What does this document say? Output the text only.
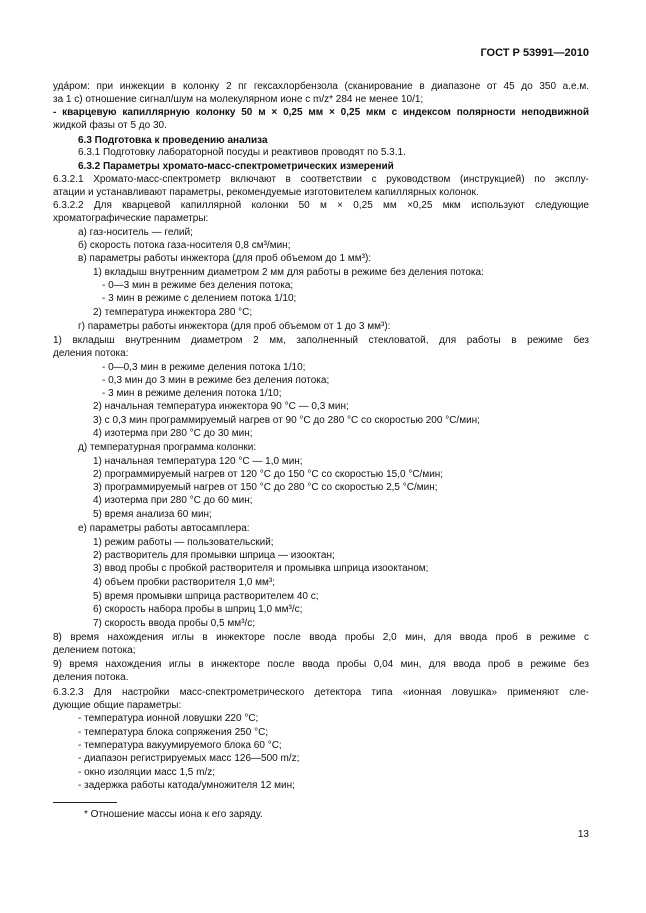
ГОСТ Р 53991—2010
удáром: при инжекции в колонку 2 пг гексахлорбензола (сканирование в диапазоне от 45 до 350 а.е.м.
за 1 с) отношение сигнал/шум на молекулярном ионе с m/z* 284 не менее 10/1;
- кварцевую капиллярную колонку 50 м × 0,25 мм × 0,25 мкм с индексом полярности неподвижной
жидкой фазы от 5 до 30.
6.3 Подготовка к проведению анализа
6.3.1 Подготовку лабораторной посуды и реактивов проводят по 5.3.1.
6.3.2 Параметры хромато-масс-спектрометрических измерений
6.3.2.1 Хромато-масс-спектрометр включают в соответствии с руководством (инструкцией) по эксплу-
атации и устанавливают параметры, рекомендуемые изготовителем капиллярных колонок.
6.3.2.2 Для кварцевой капиллярной колонки 50 м × 0,25 мм ×0,25 мкм используют следующие
хроматографические параметры:
а) газ-носитель — гелий;
б) скорость потока газа-носителя 0,8 см³/мин;
в) параметры работы инжектора (для проб объемом до 1 мм³):
1) вкладыш внутренним диаметром 2 мм для работы в режиме без деления потока:
- 0—3 мин в режиме без деления потока;
- 3 мин в режиме с делением потока 1/10;
2) температура инжектора 280 °С;
г) параметры работы инжектора (для проб объемом от 1 до 3 мм³):
1) вкладыш внутренним диаметром 2 мм, заполненный стекловатой, для работы в режиме без
деления потока:
- 0—0,3 мин в режиме деления потока 1/10;
- 0,3 мин до 3 мин в режиме без деления потока;
- 3 мин в режиме деления потока 1/10;
2) начальная температура инжектора 90 °С — 0,3 мин;
3) с 0,3 мин программируемый нагрев от 90 °С до 280 °С со скоростью 200 °С/мин;
4) изотерма при 280 °С до 30 мин;
д) температурная программа колонки:
1) начальная температура 120 °С — 1,0 мин;
2) программируемый нагрев от 120 °С до 150 °С со скоростью 15,0 °С/мин;
3) программируемый нагрев от 150 °С до 280 °С со скоростью 2,5 °С/мин;
4) изотерма при 280 °С до 60 мин;
5) время анализа 60 мин;
е) параметры работы автосамплера:
1) режим работы — пользовательский;
2) растворитель для промывки шприца — изооктан;
3) ввод пробы с пробкой растворителя и промывка шприца изооктаном;
4) объем пробки растворителя 1,0 мм³;
5) время промывки шприца растворителем 40 с;
6) скорость набора пробы в шприц 1,0 мм³/с;
7) скорость ввода пробы 0,5 мм³/с;
8) время нахождения иглы в инжекторе после ввода пробы 2,0 мин, для ввода проб в режиме с
делением потока;
9) время нахождения иглы в инжекторе после ввода пробы 0,04 мин, для ввода проб в режиме без
деления потока.
6.3.2.3 Для настройки масс-спектрометрического детектора типа «ионная ловушка» применяют сле-
дующие общие параметры:
- температура ионной ловушки 220 °С;
- температура блока сопряжения 250 °С;
- температура вакуумируемого блока 60 °С;
- диапазон регистрируемых масс 126—500 m/z;
- окно изоляции масс 1,5 m/z;
- задержка работы катода/умножителя 12 мин;
* Отношение массы иона к его заряду.
13
